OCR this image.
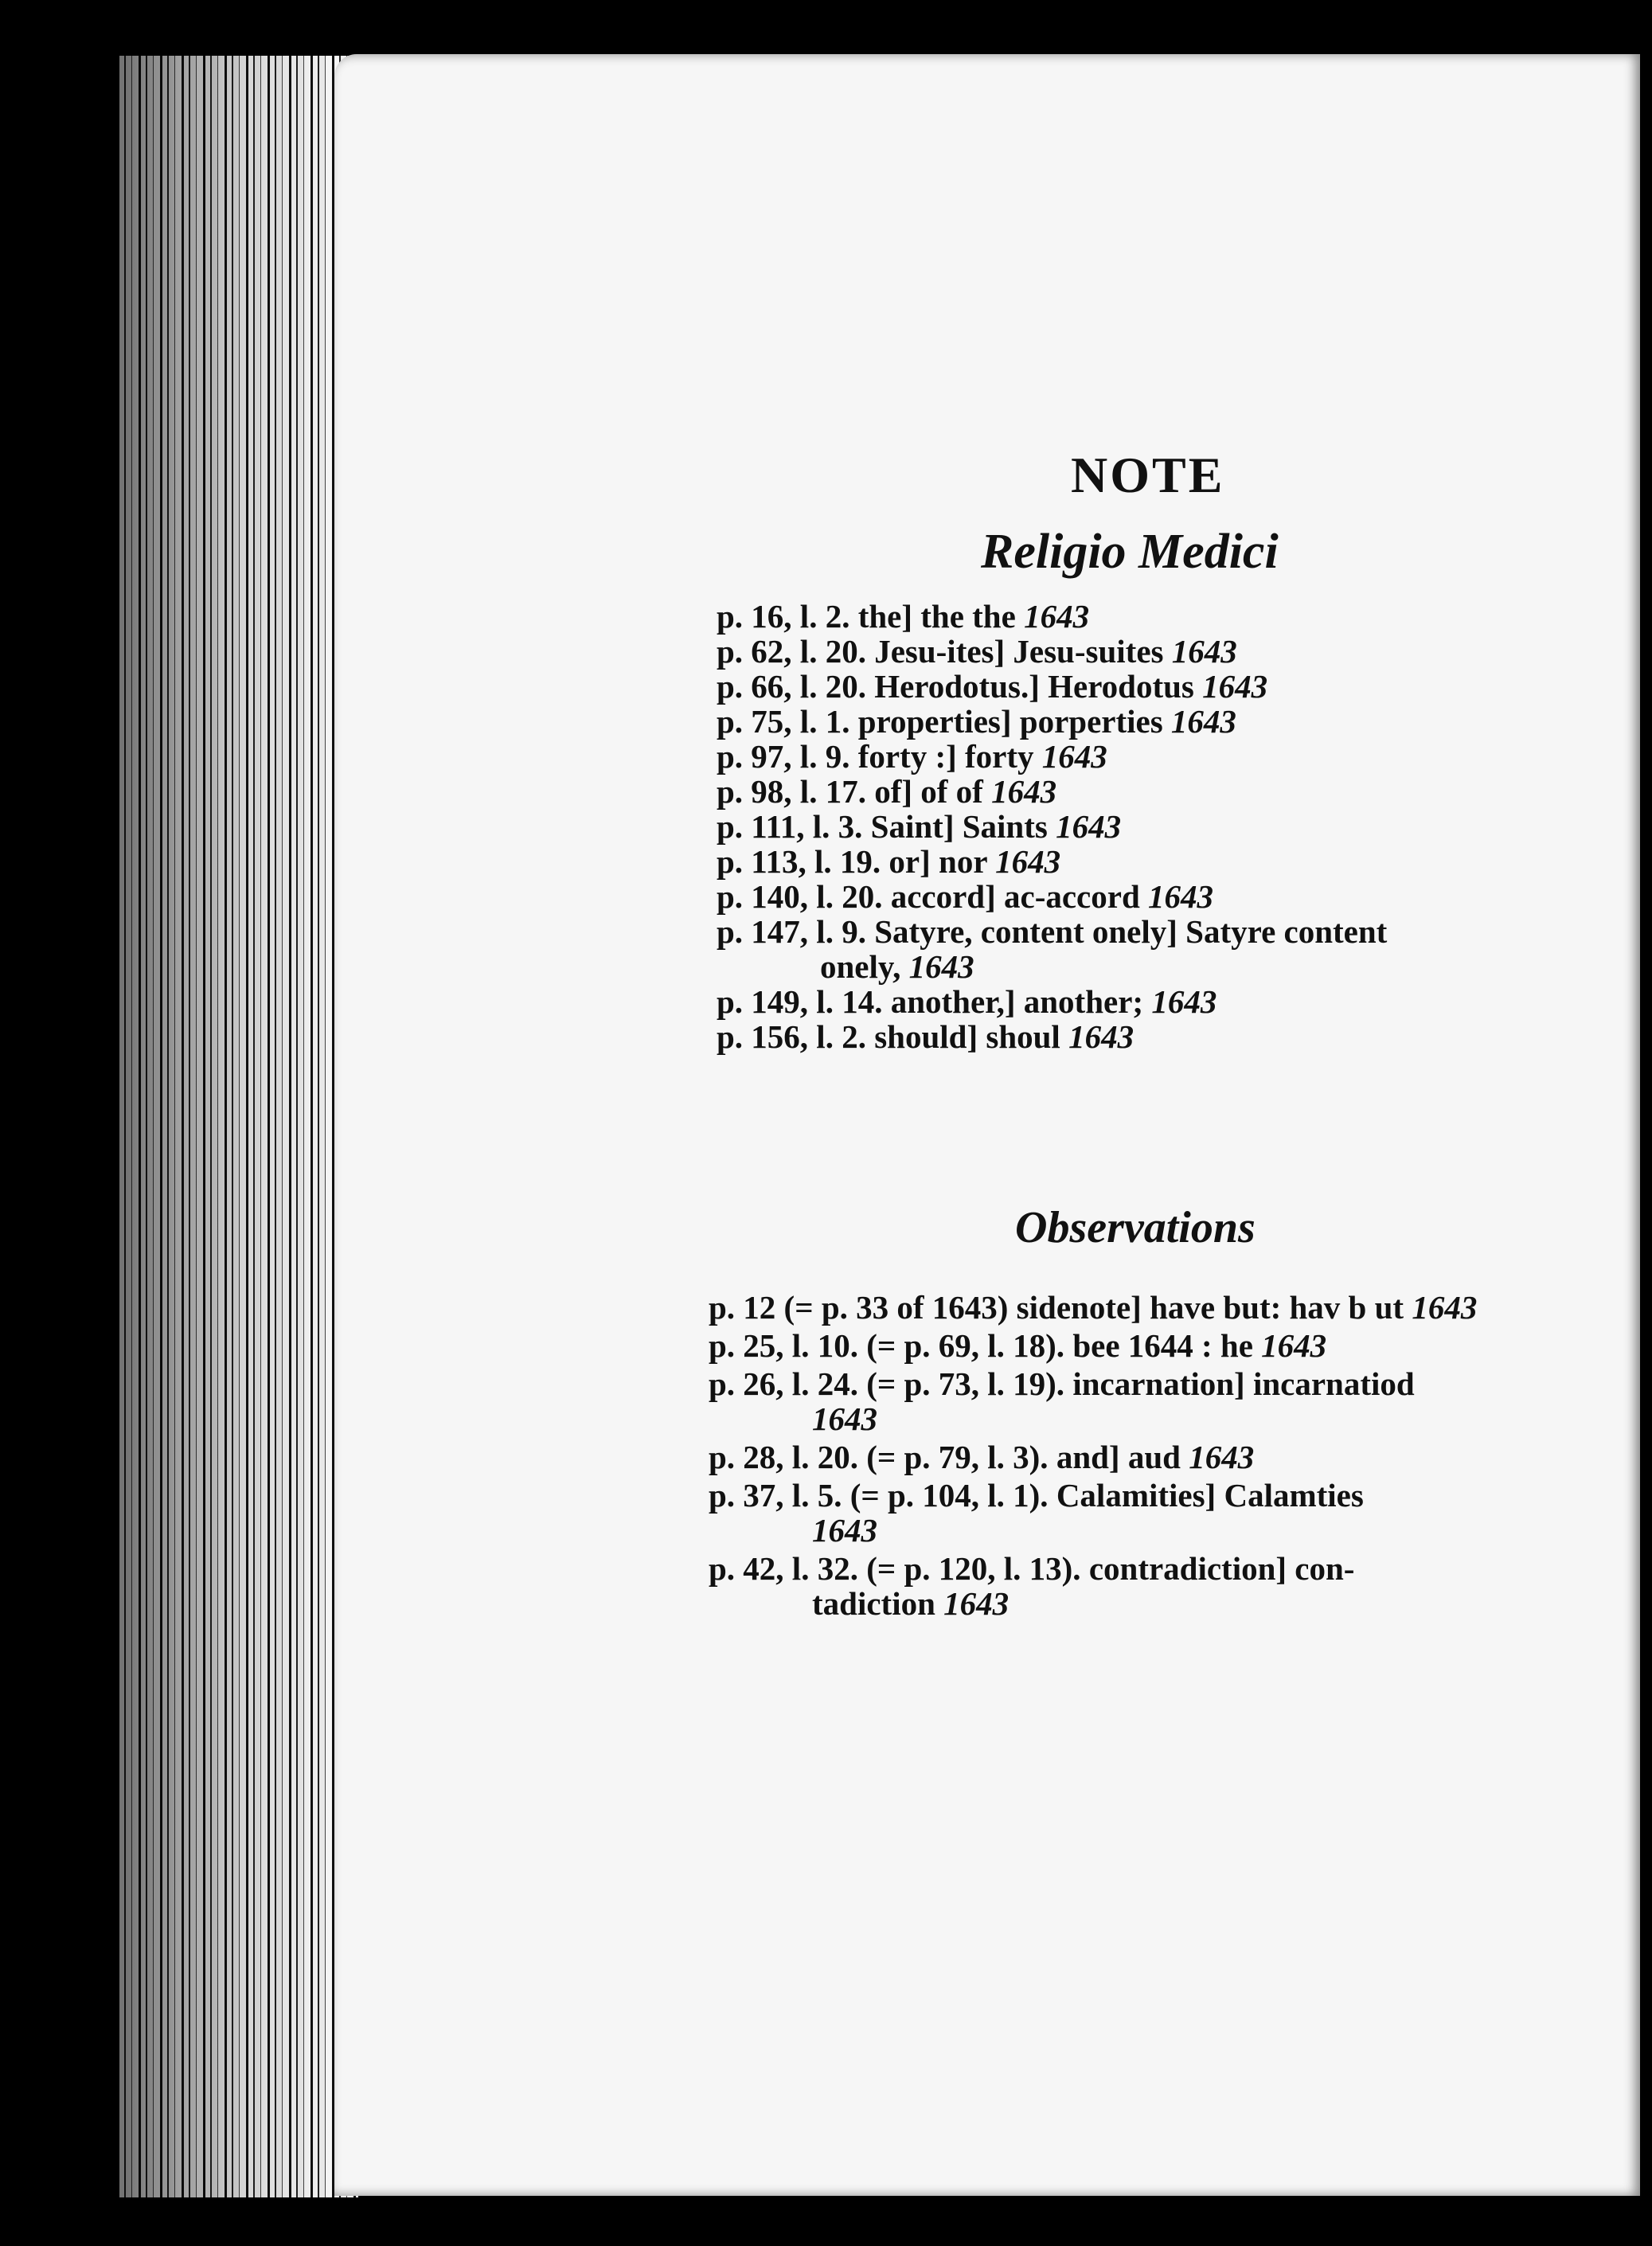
NOTE
Religio Medici
p. 16, l. 2. the] the the 1643
p. 62, l. 20. Jesu-ites] Jesu-suites 1643
p. 66, l. 20. Herodotus.] Herodotus 1643
p. 75, l. 1. properties] porperties 1643
p. 97, l. 9. forty :] forty 1643
p. 98, l. 17. of] of of 1643
p. 111, l. 3. Saint] Saints 1643
p. 113, l. 19. or] nor 1643
p. 140, l. 20. accord] ac-accord 1643
p. 147, l. 9. Satyre, content onely] Satyre content
onely, 1643
p. 149, l. 14. another,] another; 1643
p. 156, l. 2. should] shoul 1643
Observations
p. 12 (= p. 33 of 1643) sidenote] have but: hav b ut 1643
p. 25, l. 10. (= p. 69, l. 18). bee 1644 : he 1643
p. 26, l. 24. (= p. 73, l. 19). incarnation] incarnatiod
1643
p. 28, l. 20. (= p. 79, l. 3). and] aud 1643
p. 37, l. 5. (= p. 104, l. 1). Calamities] Calamties
1643
p. 42, l. 32. (= p. 120, l. 13). contradiction] con-
tadiction 1643
